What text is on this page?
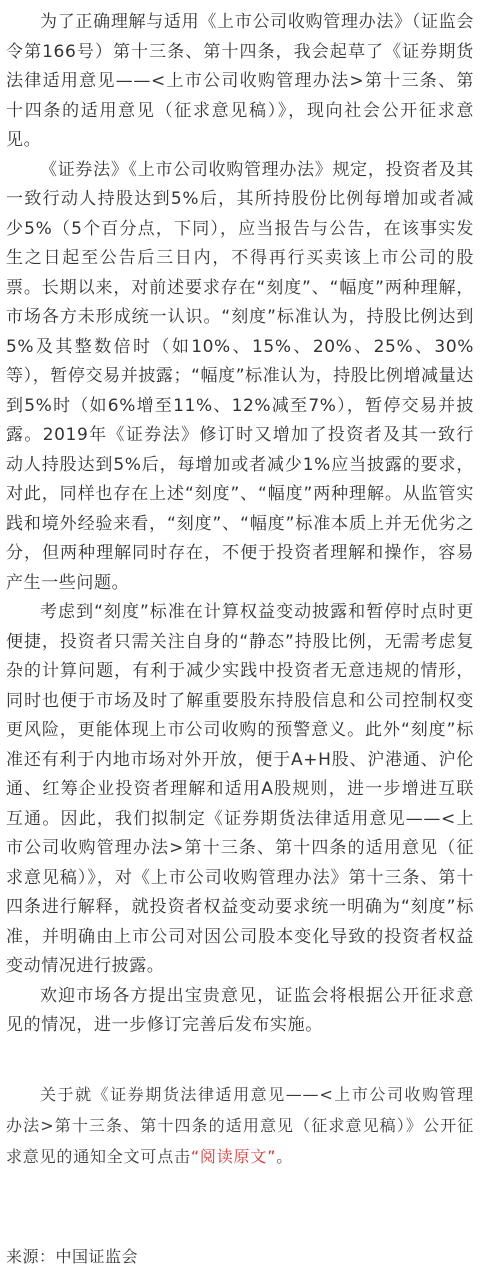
为了正确理解与适用《上市公司收购管理办法》（证监会令第166号）第十三条、第十四条，我会起草了《证券期货法律适用意见——<上市公司收购管理办法>第十三条、第十四条的适用意见（征求意见稿）》，现向社会公开征求意见。

《证券法》《上市公司收购管理办法》规定，投资者及其一致行动人持股达到5%后，其所持股份比例每增加或者减少5%（5个百分点，下同），应当报告与公告，在该事实发生之日起至公告后三日内，不得再行买卖该上市公司的股票。长期以来，对前述要求存在“刻度”、“幅度”两种理解，市场各方未形成统一认识。“刻度”标准认为，持股比例达到5%及其整数倍时（如10%、15%、20%、25%、30%等），暂停交易并披露；“幅度”标准认为，持股比例增减量达到5%时（如6%增至11%、12%减至7%），暂停交易并披露。2019年《证券法》修订时又增加了投资者及其一致行动人持股达到5%后，每增加或者减少1%应当披露的要求，对此，同样也存在上述“刻度”、“幅度”两种理解。从监管实践和境外经验来看，“刻度”、“幅度”标准本质上并无优劣之分，但两种理解同时存在，不便于投资者理解和操作，容易产生一些问题。

考虑到“刻度”标准在计算权益变动披露和暂停时点时更便捷，投资者只需关注自身的“静态”持股比例，无需考虑复杂的计算问题，有利于减少实践中投资者无意违规的情形，同时也便于市场及时了解重要股东持股信息和公司控制权变更风险，更能体现上市公司收购的预警意义。此外“刻度”标准还有利于内地市场对外开放，便于A+H股、沪港通、沪伦通、红筹企业投资者理解和适用A股规则，进一步增进互联互通。因此，我们拟制定《证券期货法律适用意见——<上市公司收购管理办法>第十三条、第十四条的适用意见（征求意见稿）》，对《上市公司收购管理办法》第十三条、第十四条进行解释，就投资者权益变动要求统一明确为“刻度”标准，并明确由上市公司对因公司股本变化导致的投资者权益变动情况进行披露。

欢迎市场各方提出宝贵意见，证监会将根据公开征求意见的情况，进一步修订完善后发布实施。

关于就《证券期货法律适用意见——<上市公司收购管理办法>第十三条、第十四条的适用意见（征求意见稿）》公开征求意见的通知全文可点击“阅读原文”。

来源：中国证监会
